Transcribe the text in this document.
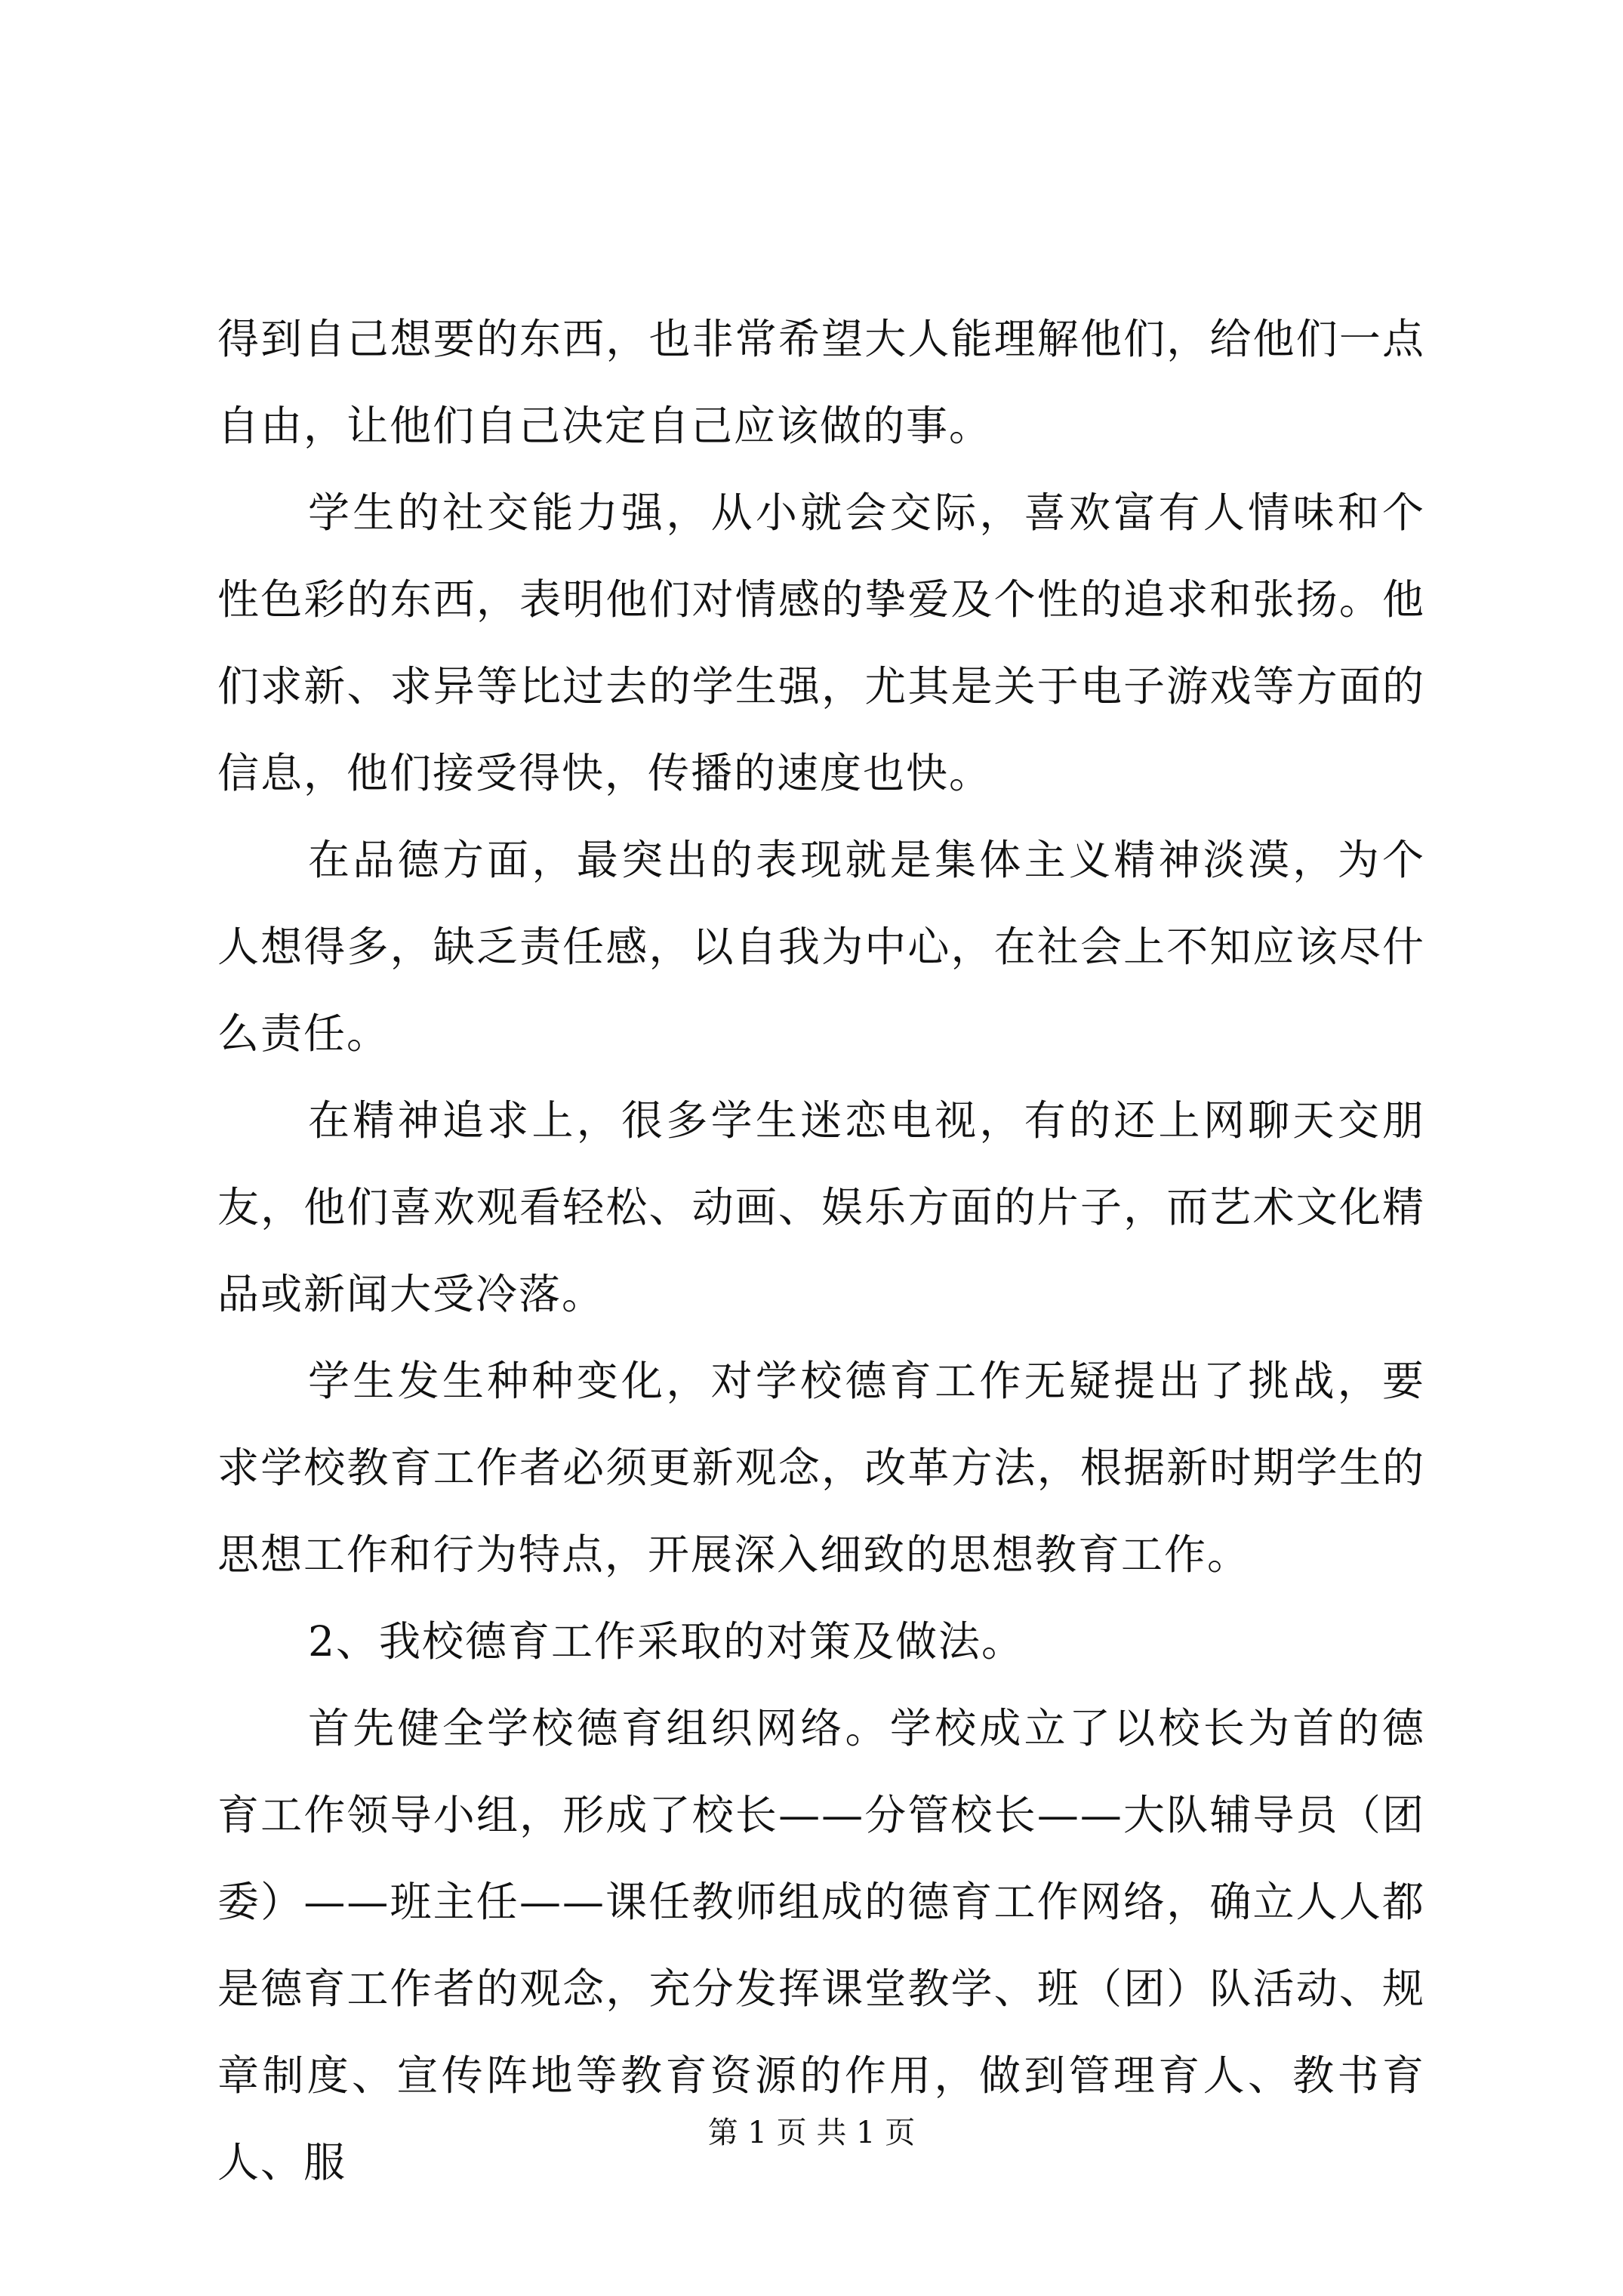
得到自己想要的东西，也非常希望大人能理解他们，给他们一点自由，让他们自己决定自己应该做的事。

学生的社交能力强，从小就会交际，喜欢富有人情味和个性色彩的东西，表明他们对情感的挚爱及个性的追求和张扬。他们求新、求异等比过去的学生强，尤其是关于电子游戏等方面的信息，他们接受得快，传播的速度也快。

在品德方面，最突出的表现就是集体主义精神淡漠，为个人想得多，缺乏责任感，以自我为中心，在社会上不知应该尽什么责任。

在精神追求上，很多学生迷恋电视，有的还上网聊天交朋友，他们喜欢观看轻松、动画、娱乐方面的片子，而艺术文化精品或新闻大受冷落。

学生发生种种变化，对学校德育工作无疑提出了挑战，要求学校教育工作者必须更新观念，改革方法，根据新时期学生的思想工作和行为特点，开展深入细致的思想教育工作。

2、我校德育工作采取的对策及做法。

首先健全学校德育组织网络。学校成立了以校长为首的德育工作领导小组，形成了校长——分管校长——大队辅导员（团委）——班主任——课任教师组成的德育工作网络，确立人人都是德育工作者的观念，充分发挥课堂教学、班（团）队活动、规章制度、宣传阵地等教育资源的作用，做到管理育人、教书育人、服

第 1 页 共 1 页
